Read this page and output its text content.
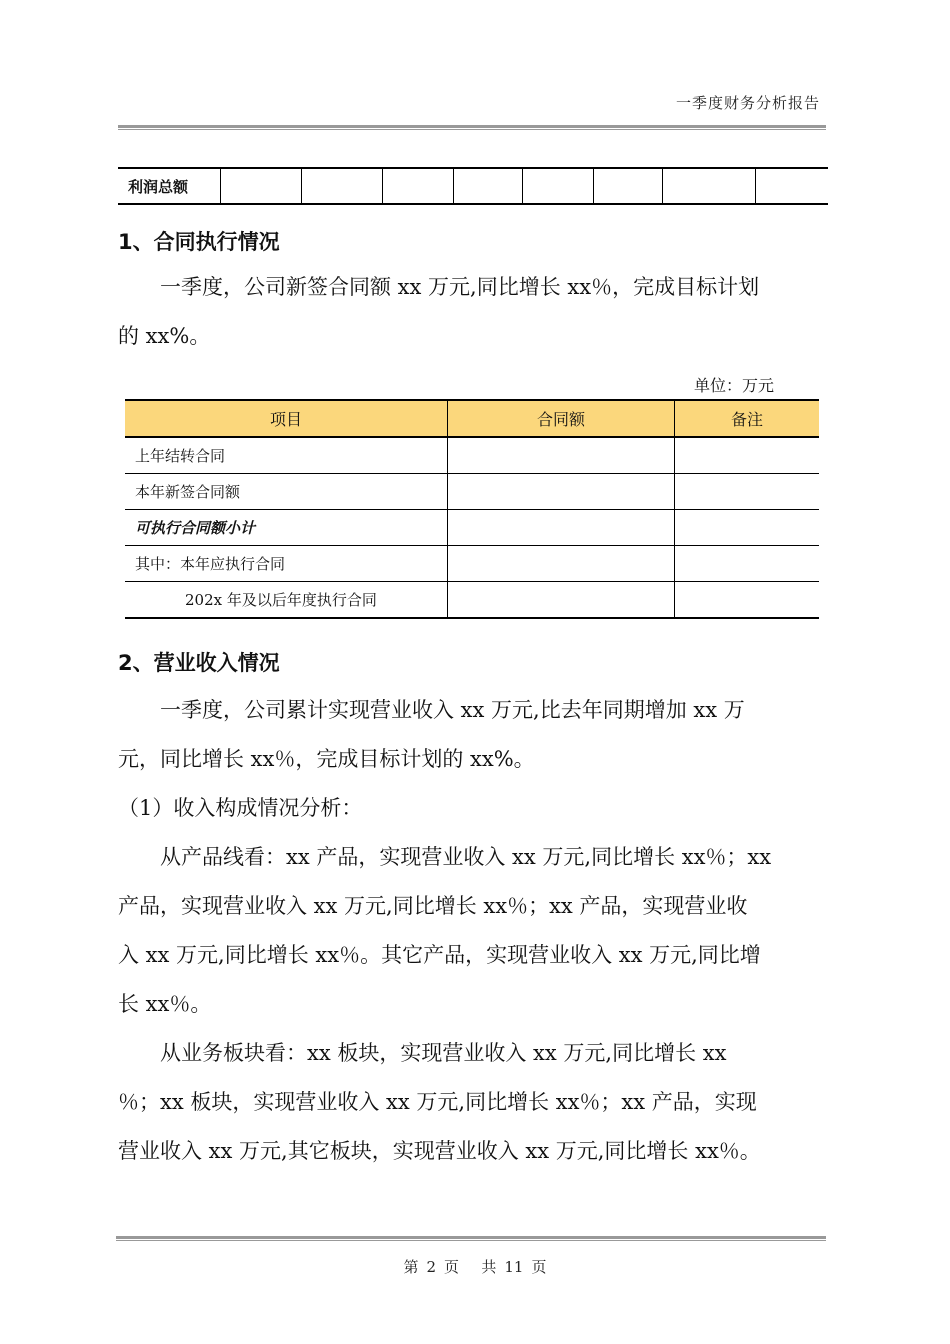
一季度财务分析报告
利润总额								
1、合同执行情况
一季度，公司新签合同额 xx 万元,同比增长 xx％，完成目标计划
的 xx%。
单位：万元
项目	合同额	备注
上年结转合同		
本年新签合同额		
可执行合同额小计		
其中：本年应执行合同		
202x 年及以后年度执行合同		
2、营业收入情况
一季度，公司累计实现营业收入 xx 万元,比去年同期增加 xx 万
元，同比增长 xx％，完成目标计划的 xx%。
（1）收入构成情况分析：
从产品线看：xx 产品，实现营业收入 xx 万元,同比增长 xx％；xx
产品，实现营业收入 xx 万元,同比增长 xx％；xx 产品，实现营业收
入 xx 万元,同比增长 xx％。其它产品，实现营业收入 xx 万元,同比增
长 xx％。
从业务板块看：xx 板块，实现营业收入 xx 万元,同比增长 xx
％；xx 板块，实现营业收入 xx 万元,同比增长 xx％；xx 产品，实现
营业收入 xx 万元,其它板块，实现营业收入 xx 万元,同比增长 xx％。
第 2 页 共 11 页
